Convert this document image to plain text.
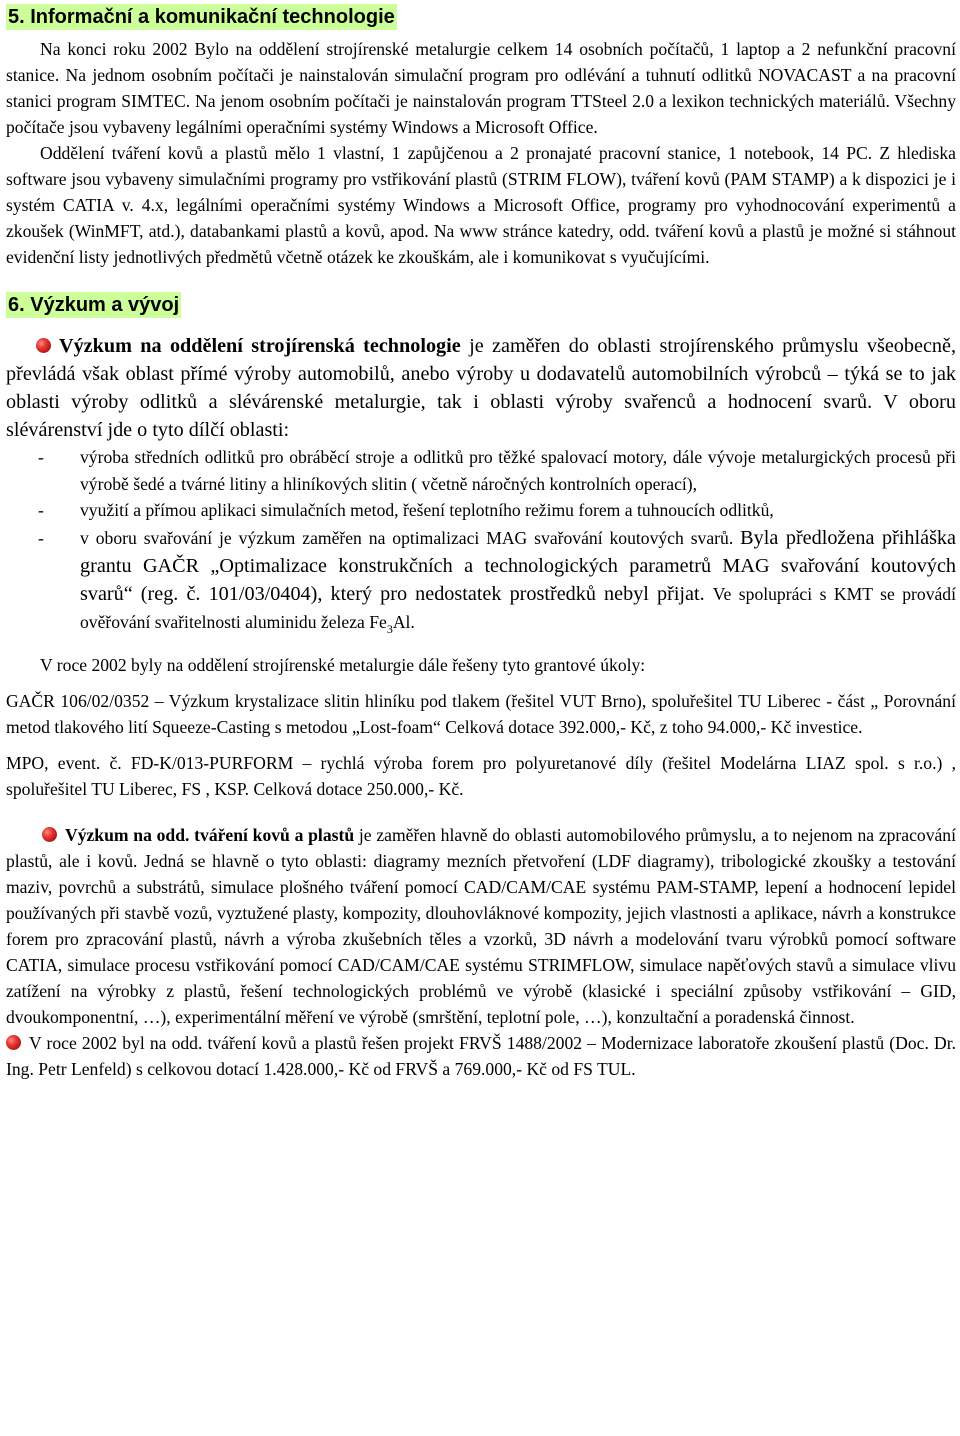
5. Informační a komunikační technologie

Na konci roku 2002 Bylo na oddělení strojírenské metalurgie celkem 14 osobních počítačů, 1 laptop a 2 nefunkční pracovní stanice. Na jednom osobním počítači je nainstalován simulační program pro odlévání a tuhnutí odlitků NOVACAST a na pracovní stanici program SIMTEC. Na jenom osobním počítači je nainstalován program TTSteel 2.0 a lexikon technických materiálů. Všechny počítače jsou vybaveny legálními operačními systémy Windows a Microsoft Office.

Oddělení tváření kovů a plastů mělo 1 vlastní, 1 zapůjčenou a 2 pronajaté pracovní stanice, 1 notebook, 14 PC. Z hlediska software jsou vybaveny simulačními programy pro vstřikování plastů (STRIM FLOW), tváření kovů (PAM STAMP) a k dispozici je i systém CATIA v. 4.x, legálními operačními systémy Windows a Microsoft Office, programy pro vyhodnocování experimentů a zkoušek (WinMFT, atd.), databankami plastů a kovů, apod. Na www stránce katedry, odd. tváření kovů a plastů je možné si stáhnout evidenční listy jednotlivých předmětů včetně otázek ke zkouškám, ale i komunikovat s vyučujícími.

6. Výzkum a vývoj

Výzkum na oddělení strojírenská technologie je zaměřen do oblasti strojírenského průmyslu všeobecně, převládá však oblast přímé výroby automobilů, anebo výroby u dodavatelů automobilních výrobců – týká se to jak oblasti výroby odlitků a slévárenské metalurgie, tak i oblasti výroby svařenců a hodnocení svarů. V oboru slévárenství jde o tyto dílčí oblasti:

- výroba středních odlitků pro obráběcí stroje a odlitků pro těžké spalovací motory, dále vývoje metalurgických procesů při výrobě šedé a tvárné litiny a hliníkových slitin ( včetně náročných kontrolních operací),
- využití a přímou aplikaci simulačních metod, řešení teplotního režimu forem a tuhnoucích odlitků,
- v oboru svařování je výzkum zaměřen na optimalizaci MAG svařování koutových svarů. Byla předložena přihláška grantu GAČR „Optimalizace konstrukčních a technologických parametrů MAG svařování koutových svarů“ (reg. č. 101/03/0404), který pro nedostatek prostředků nebyl přijat. Ve spolupráci s KMT se provádí ověřování svařitelnosti aluminidu železa $Fe_3Al$.

V roce 2002 byly na oddělení strojírenské metalurgie dále řešeny tyto grantové úkoly:

GAČR 106/02/0352 – Výzkum krystalizace slitin hliníku pod tlakem (řešitel VUT Brno), spoluřešitel TU Liberec - část „ Porovnání metod tlakového lití Squeeze-Casting s metodou „Lost-foam“ Celková dotace 392.000,- Kč, z toho 94.000,- Kč investice.

MPO, event. č. FD-K/013-PURFORM – rychlá výroba forem pro polyuretanové díly (řešitel Modelárna LIAZ spol. s r.o.) , spoluřešitel TU Liberec, FS , KSP. Celková dotace 250.000,- Kč.

Výzkum na odd. tváření kovů a plastů je zaměřen hlavně do oblasti automobilového průmyslu, a to nejenom na zpracování plastů, ale i kovů. Jedná se hlavně o tyto oblasti: diagramy mezních přetvoření (LDF diagramy), tribologické zkoušky a testování maziv, povrchů a substrátů, simulace plošného tváření pomocí CAD/CAM/CAE systému PAM-STAMP, lepení a hodnocení lepidel používaných při stavbě vozů, vyztužené plasty, kompozity, dlouhovláknové kompozity, jejich vlastnosti a aplikace, návrh a konstrukce forem pro zpracování plastů, návrh a výroba zkušebních těles a vzorků, 3D návrh a modelování tvaru výrobků pomocí software CATIA, simulace procesu vstřikování pomocí CAD/CAM/CAE systému STRIMFLOW, simulace napěťových stavů a simulace vlivu zatížení na výrobky z plastů, řešení technologických problémů ve výrobě (klasické i speciální způsoby vstřikování – GID, dvoukomponentní, …), experimentální měření ve výrobě (smrštění, teplotní pole, …), konzultační a poradenská činnost.

V roce 2002 byl na odd. tváření kovů a plastů řešen projekt FRVŠ 1488/2002 – Modernizace laboratoře zkoušení plastů (Doc. Dr. Ing. Petr Lenfeld) s celkovou dotací 1.428.000,- Kč od FRVŠ a 769.000,- Kč od FS TUL.
